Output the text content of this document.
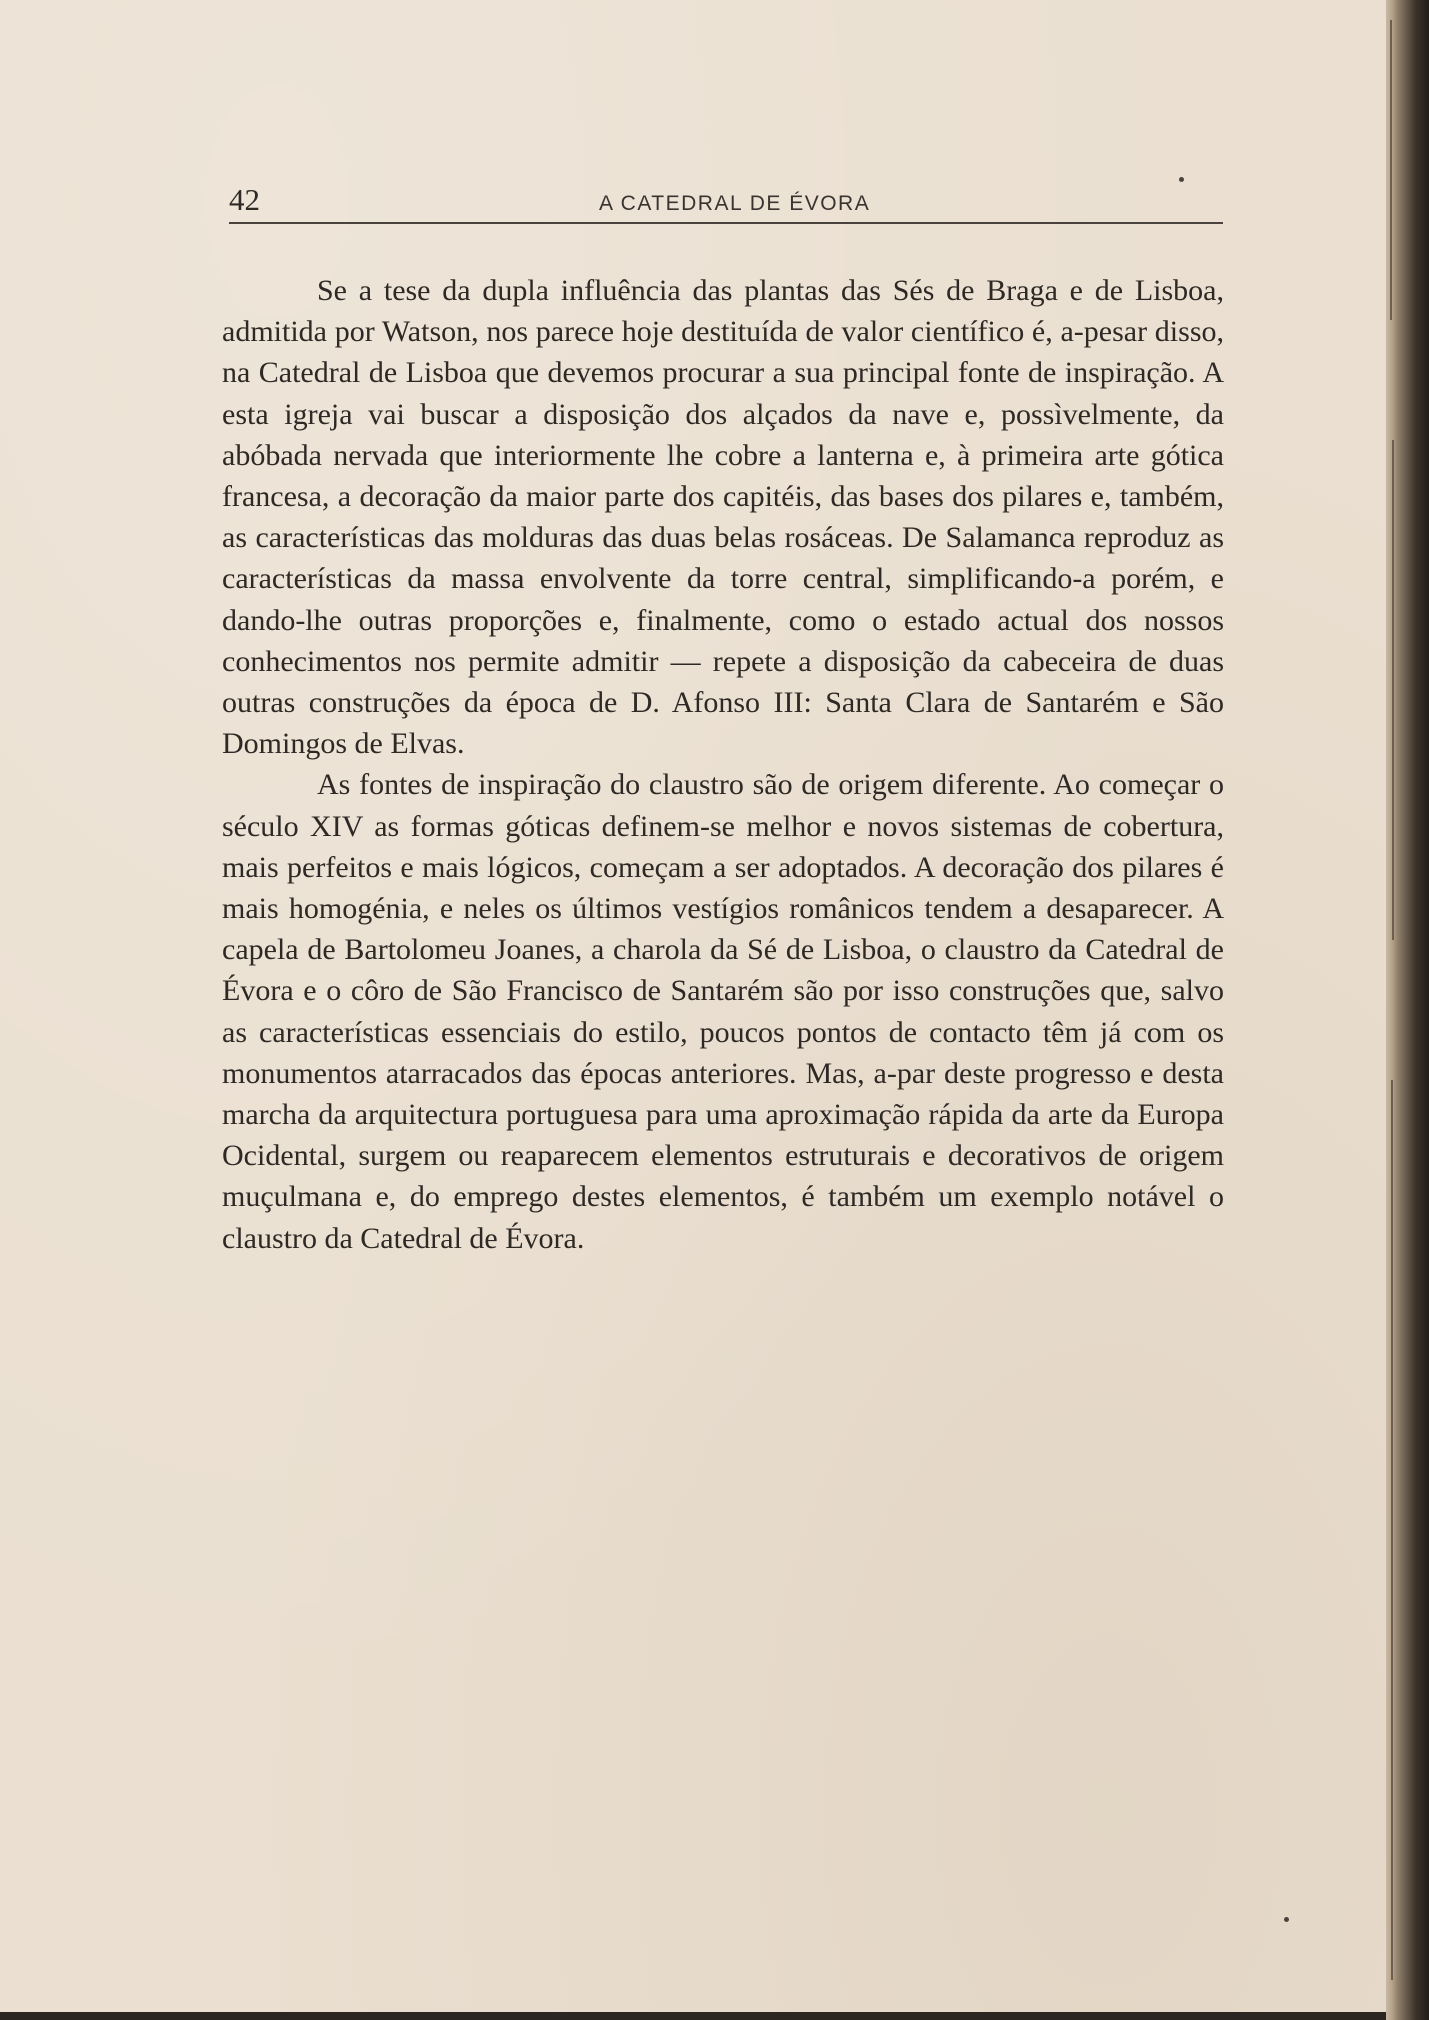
42	A CATEDRAL DE ÉVORA

Se a tese da dupla influência das plantas das Sés de Braga e de Lisboa, admitida por Watson, nos parece hoje destituída de valor científico é, a-pesar disso, na Catedral de Lisboa que devemos procurar a sua principal fonte de inspiração. A esta igreja vai buscar a disposição dos alçados da nave e, possìvelmente, da abóbada nervada que interiormente lhe cobre a lanterna e, à primeira arte gótica francesa, a decoração da maior parte dos capitéis, das bases dos pilares e, também, as características das molduras das duas belas rosáceas. De Salamanca reproduz as características da massa envolvente da torre central, simplificando-a porém, e dando-lhe outras proporções e, finalmente, como o estado actual dos nossos conhecimentos nos permite admitir — repete a disposição da cabeceira de duas outras construções da época de D. Afonso III: Santa Clara de Santarém e São Domingos de Elvas.

As fontes de inspiração do claustro são de origem diferente. Ao começar o século XIV as formas góticas definem-se melhor e novos sistemas de cobertura, mais perfeitos e mais lógicos, começam a ser adoptados. A decoração dos pilares é mais homogénia, e neles os últimos vestígios românicos tendem a desaparecer. A capela de Bartolomeu Joanes, a charola da Sé de Lisboa, o claustro da Catedral de Évora e o côro de São Francisco de Santarém são por isso construções que, salvo as características essenciais do estilo, poucos pontos de contacto têm já com os monumentos atarracados das épocas anteriores. Mas, a-par deste progresso e desta marcha da arquitectura portuguesa para uma aproximação rápida da arte da Europa Ocidental, surgem ou reaparecem elementos estruturais e decorativos de origem muçulmana e, do emprego destes elementos, é também um exemplo notável o claustro da Catedral de Évora.
